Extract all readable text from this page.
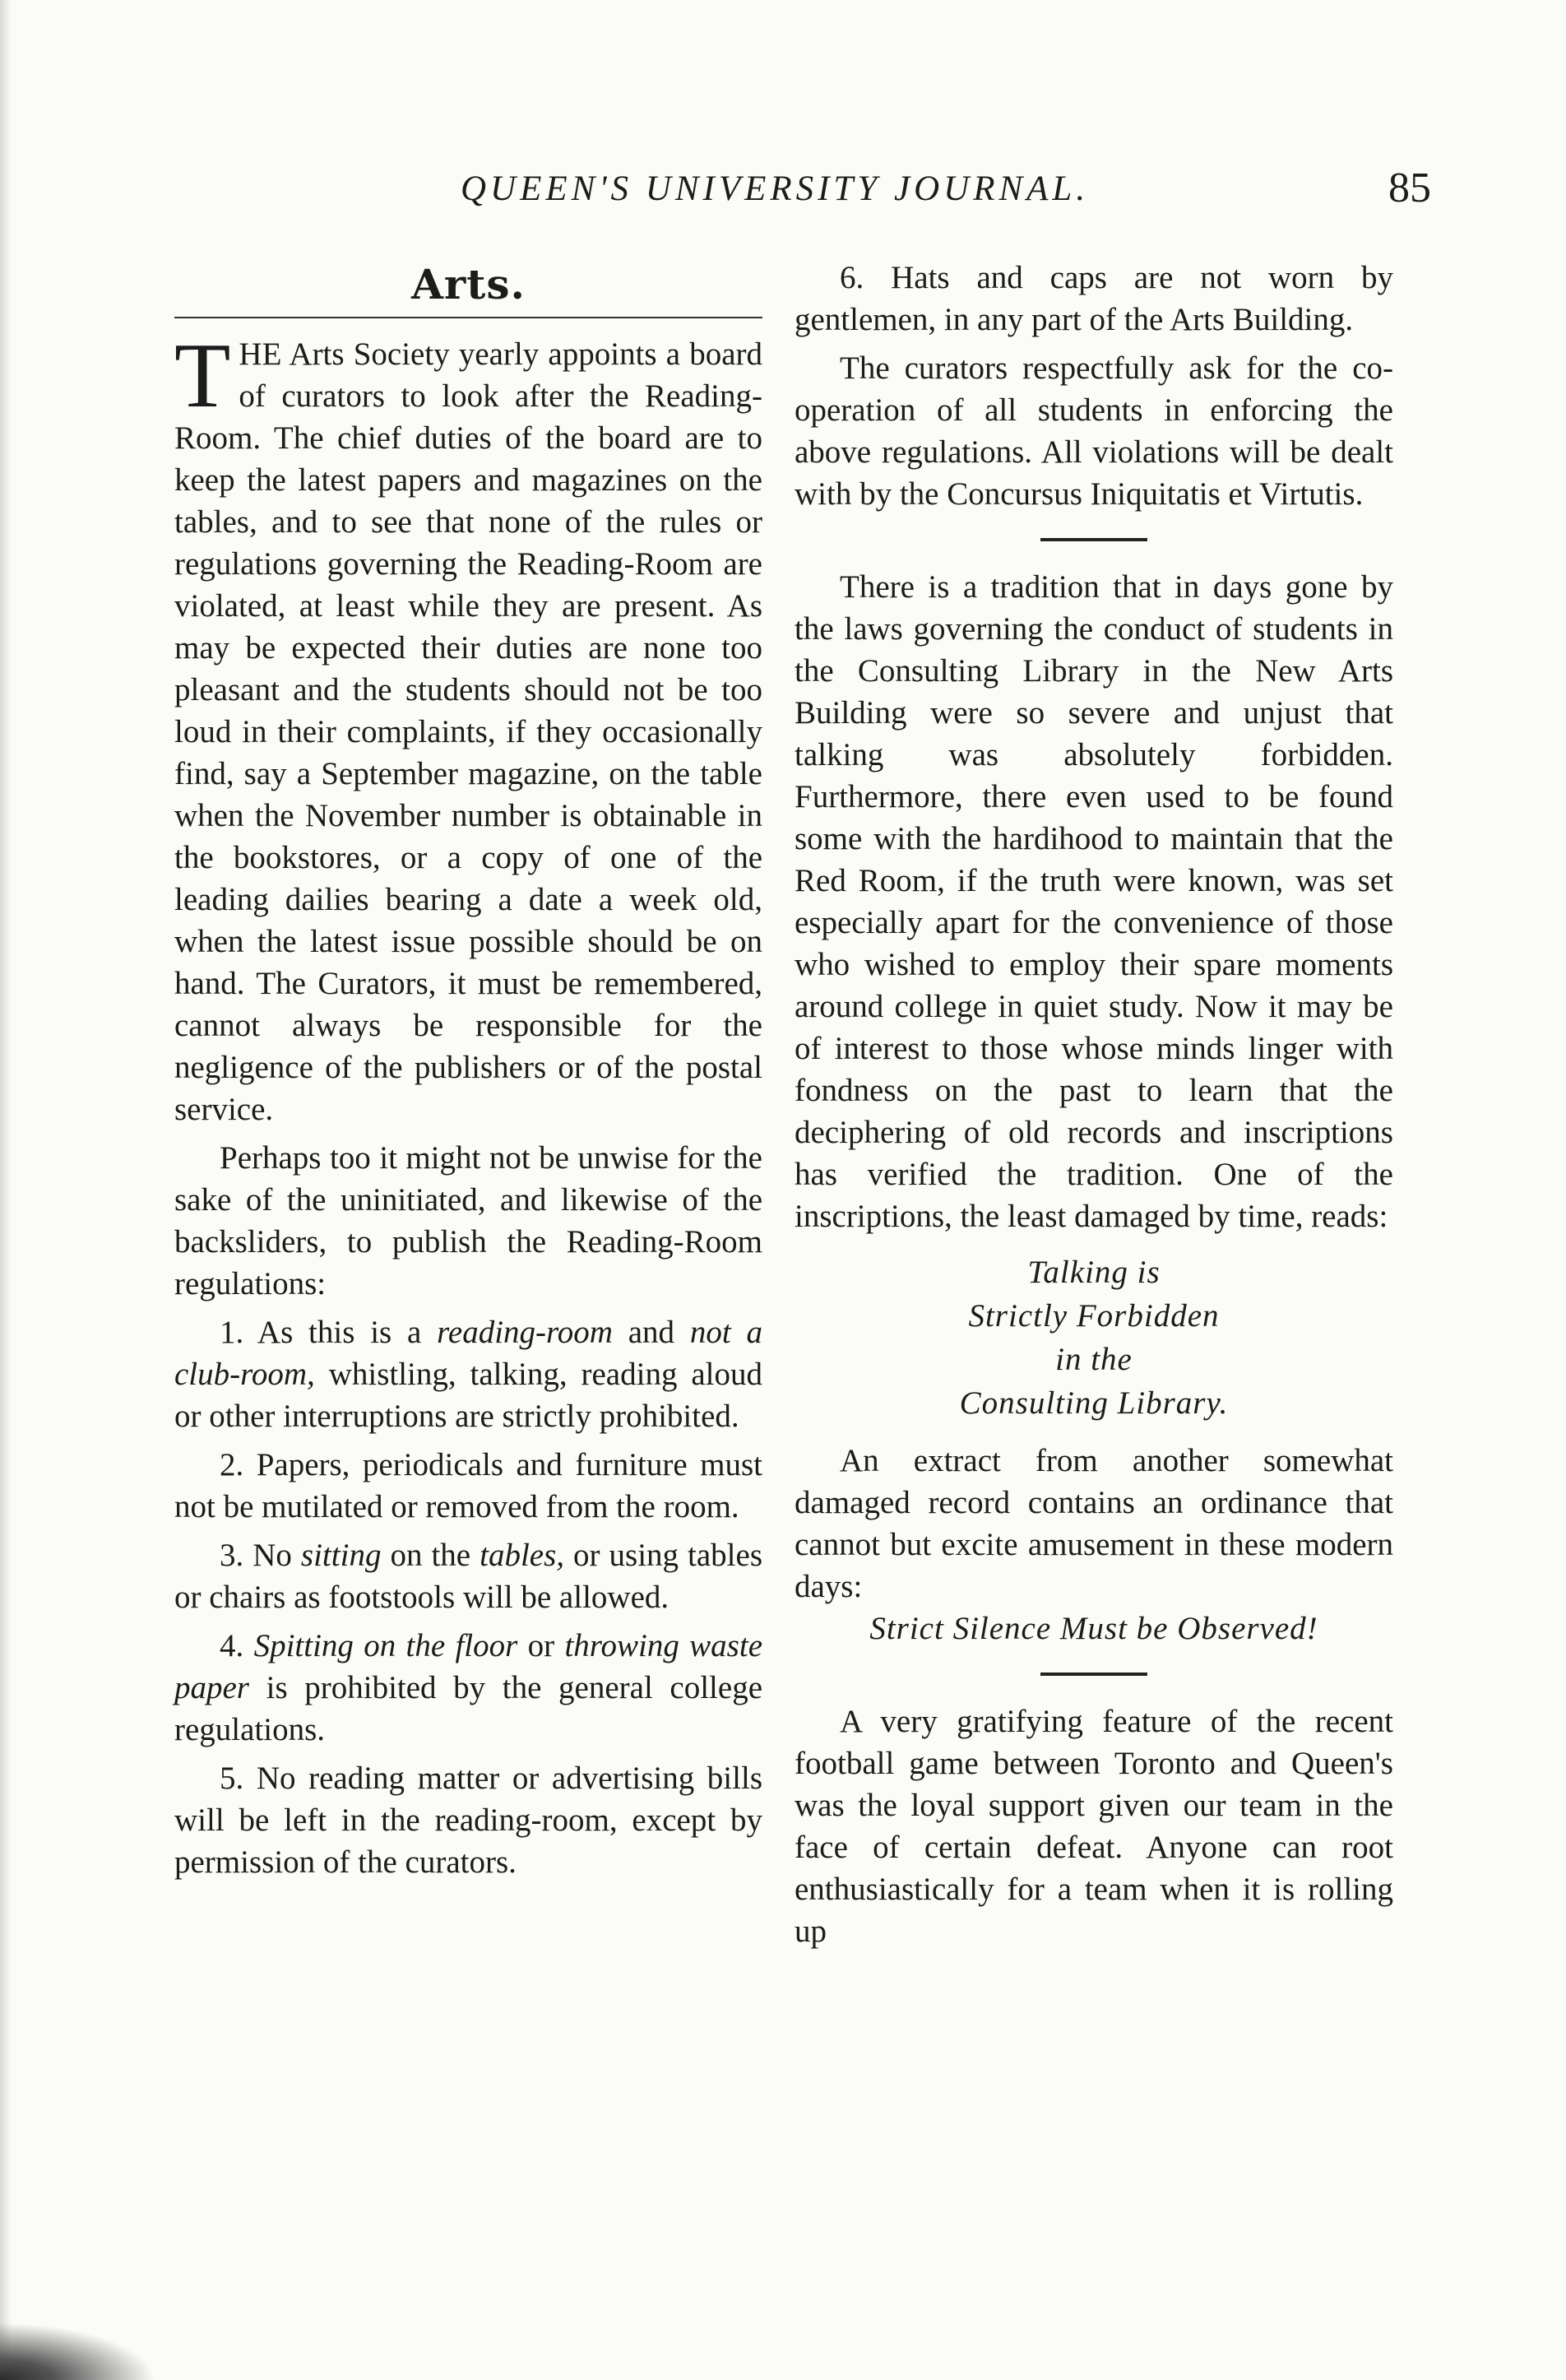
QUEEN'S UNIVERSITY JOURNAL.	85
Arts.

THE Arts Society yearly appoints a board of curators to look after the Reading-Room. The chief duties of the board are to keep the latest papers and magazines on the tables, and to see that none of the rules or regulations governing the Reading-Room are violated, at least while they are present. As may be expected their duties are none too pleasant and the students should not be too loud in their complaints, if they occasionally find, say a September magazine, on the table when the November number is obtainable in the bookstores, or a copy of one of the leading dailies bearing a date a week old, when the latest issue possible should be on hand. The Curators, it must be remembered, cannot always be responsible for the negligence of the publishers or of the postal service.

Perhaps too it might not be unwise for the sake of the uninitiated, and likewise of the backsliders, to publish the Reading-Room regulations:

1. As this is a reading-room and not a club-room, whistling, talking, reading aloud or other interruptions are strictly prohibited.

2. Papers, periodicals and furniture must not be mutilated or removed from the room.

3. No sitting on the tables, or using tables or chairs as footstools will be allowed.

4. Spitting on the floor or throwing waste paper is prohibited by the general college regulations.

5. No reading matter or advertising bills will be left in the reading-room, except by permission of the curators.

6. Hats and caps are not worn by gentlemen, in any part of the Arts Building.

The curators respectfully ask for the co-operation of all students in enforcing the above regulations. All violations will be dealt with by the Concursus Iniquitatis et Virtutis.

There is a tradition that in days gone by the laws governing the conduct of students in the Consulting Library in the New Arts Building were so severe and unjust that talking was absolutely forbidden. Furthermore, there even used to be found some with the hardihood to maintain that the Red Room, if the truth were known, was set especially apart for the convenience of those who wished to employ their spare moments around college in quiet study. Now it may be of interest to those whose minds linger with fondness on the past to learn that the deciphering of old records and inscriptions has verified the tradition. One of the inscriptions, the least damaged by time, reads:

Talking is
Strictly Forbidden
in the
Consulting Library.

An extract from another somewhat damaged record contains an ordinance that cannot but excite amusement in these modern days:

Strict Silence Must be Observed!

A very gratifying feature of the recent football game between Toronto and Queen's was the loyal support given our team in the face of certain defeat. Anyone can root enthusiastically for a team when it is rolling up
